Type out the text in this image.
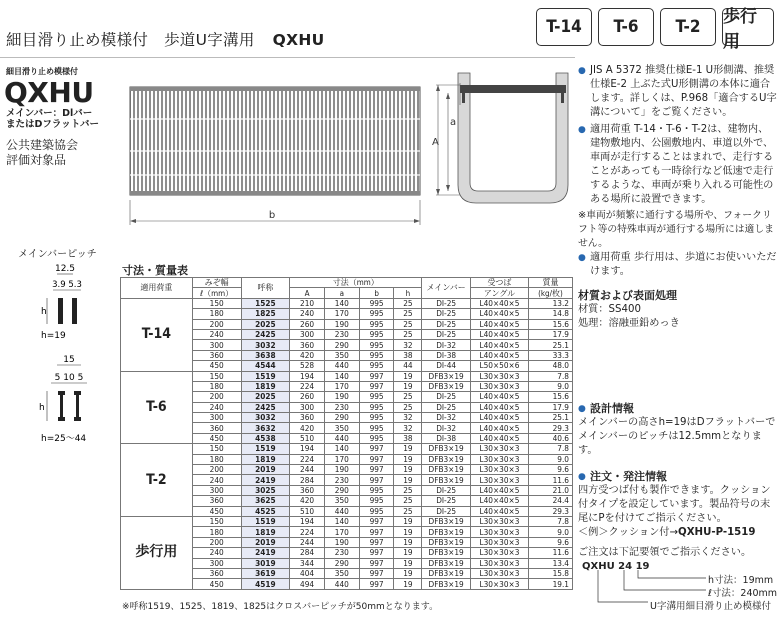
細目滑り止め模様付　歩道U字溝用 QXHU
T-14	T-6	T-2	歩行用
細目滑り止め模様付
QXHU
メインバー：Dlバー
またはDフラットバー
公共建築協会
評価対象品
b
A
a
メインバーピッチ
12.5
3.9 5.3
h
h=19
15
5 10 5
h
h=25〜44
寸法・質量表
適用荷重	みぞ幅	呼称	寸法（mm）				メインバー	受つば	質量
	ℓ（mm）		A	a	b	h		アングル	(kg/枚)
T-14	150	1525	210	140	995	25	DI-25	L40×40×5	13.2
	180	1825	240	170	995	25	DI-25	L40×40×5	14.8
	200	2025	260	190	995	25	DI-25	L40×40×5	15.6
	240	2425	300	230	995	25	DI-25	L40×40×5	17.9
	300	3032	360	290	995	32	DI-32	L40×40×5	25.1
	360	3638	420	350	995	38	DI-38	L40×40×5	33.3
	450	4544	528	440	995	44	DI-44	L50×50×6	48.0
T-6	150	1519	194	140	997	19	DFB3×19	L30×30×3	7.8
	180	1819	224	170	997	19	DFB3×19	L30×30×3	9.0
	200	2025	260	190	995	25	DI-25	L40×40×5	15.6
	240	2425	300	230	995	25	DI-25	L40×40×5	17.9
	300	3032	360	290	995	32	DI-32	L40×40×5	25.1
	360	3632	420	350	995	32	DI-32	L40×40×5	29.3
	450	4538	510	440	995	38	DI-38	L40×40×5	40.6
T-2	150	1519	194	140	997	19	DFB3×19	L30×30×3	7.8
	180	1819	224	170	997	19	DFB3×19	L30×30×3	9.0
	200	2019	244	190	997	19	DFB3×19	L30×30×3	9.6
	240	2419	284	230	997	19	DFB3×19	L30×30×3	11.6
	300	3025	360	290	995	25	DI-25	L40×40×5	21.0
	360	3625	420	350	995	25	DI-25	L40×40×5	24.4
	450	4525	510	440	995	25	DI-25	L40×40×5	29.3
歩行用	150	1519	194	140	997	19	DFB3×19	L30×30×3	7.8
	180	1819	224	170	997	19	DFB3×19	L30×30×3	9.0
	200	2019	244	190	997	19	DFB3×19	L30×30×3	9.6
	240	2419	284	230	997	19	DFB3×19	L30×30×3	11.6
	300	3019	344	290	997	19	DFB3×19	L30×30×3	13.4
	360	3619	404	350	997	19	DFB3×19	L30×30×3	15.8
	450	4519	494	440	997	19	DFB3×19	L30×30×3	19.1
※呼称1519、1525、1819、1825はクロスバーピッチが50mmとなります。

● JIS A 5372 推奨仕様E-1 U形側溝、推奨仕様E-2 上ぶた式U形側溝の本体に適合します。詳しくは、P.968「適合するU字溝について」をご覧ください。

● 適用荷重 T-14・T-6・T-2は、建物内、建物敷地内、公園敷地内、車道以外で、車両が走行することはまれで、走行することがあっても一時徐行など低速で走行するような、車両が乗り入れる可能性のある場所に設置できます。

※車両が頻繁に通行する場所や、フォークリフト等の特殊車両が通行する場所には適しません。

● 適用荷重 歩行用は、歩道にお使いいただけます。

材質および表面処理

材質：SS400

処理：溶融亜鉛めっき

● 設計情報

メインバーの高さh=19はDフラットバーでメインバーのピッチは12.5mmとなります。

● 注文・発注情報

四方受つば付も製作できます。クッション付タイプを設定しています。製品符号の末尾にPを付けてご指示ください。

＜例＞クッション付→QXHU-P-1519

ご注文は下記要領でご指示ください。

QXHU 24 19
h寸法：19mm
ℓ寸法：240mm
U字溝用細目滑り止め模様付
